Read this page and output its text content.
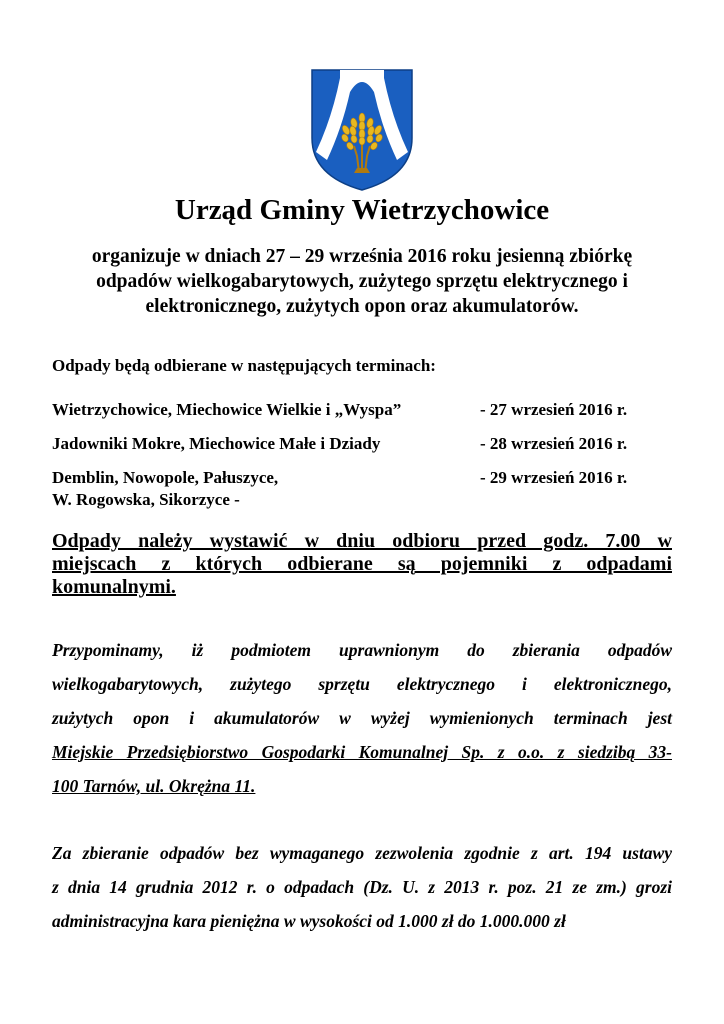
Urząd Gminy Wietrzychowice
organizuje w dniach 27 – 29 września 2016 roku jesienną zbiórkę
odpadów wielkogabarytowych, zużytego sprzętu elektrycznego i
elektronicznego, zużytych opon oraz akumulatorów.
Odpady będą odbierane w następujących terminach:
Wietrzychowice, Miechowice Wielkie i „Wyspa”	- 27 wrzesień 2016 r.
Jadowniki Mokre, Miechowice Małe i Dziady	- 28 wrzesień 2016 r.
Demblin, Nowopole, Pałuszyce,
W. Rogowska, Sikorzyce -
- 29 wrzesień 2016 r.
Odpady należy wystawić w dniu odbioru przed godz. 7.00 w
miejscach z których odbierane są pojemniki z odpadami
komunalnymi.
Przypominamy, iż podmiotem uprawnionym do zbierania odpadów
wielkogabarytowych, zużytego sprzętu elektrycznego i elektronicznego,
zużytych opon i akumulatorów w wyżej wymienionych terminach jest
Miejskie Przedsiębiorstwo Gospodarki Komunalnej Sp. z o.o. z siedzibą 33-
100 Tarnów, ul. Okrężna 11.
Za zbieranie odpadów bez wymaganego zezwolenia zgodnie z art. 194 ustawy
z dnia 14 grudnia 2012 r. o odpadach (Dz. U. z 2013 r. poz. 21 ze zm.) grozi
administracyjna kara pieniężna w wysokości od 1.000 zł do 1.000.000 zł
